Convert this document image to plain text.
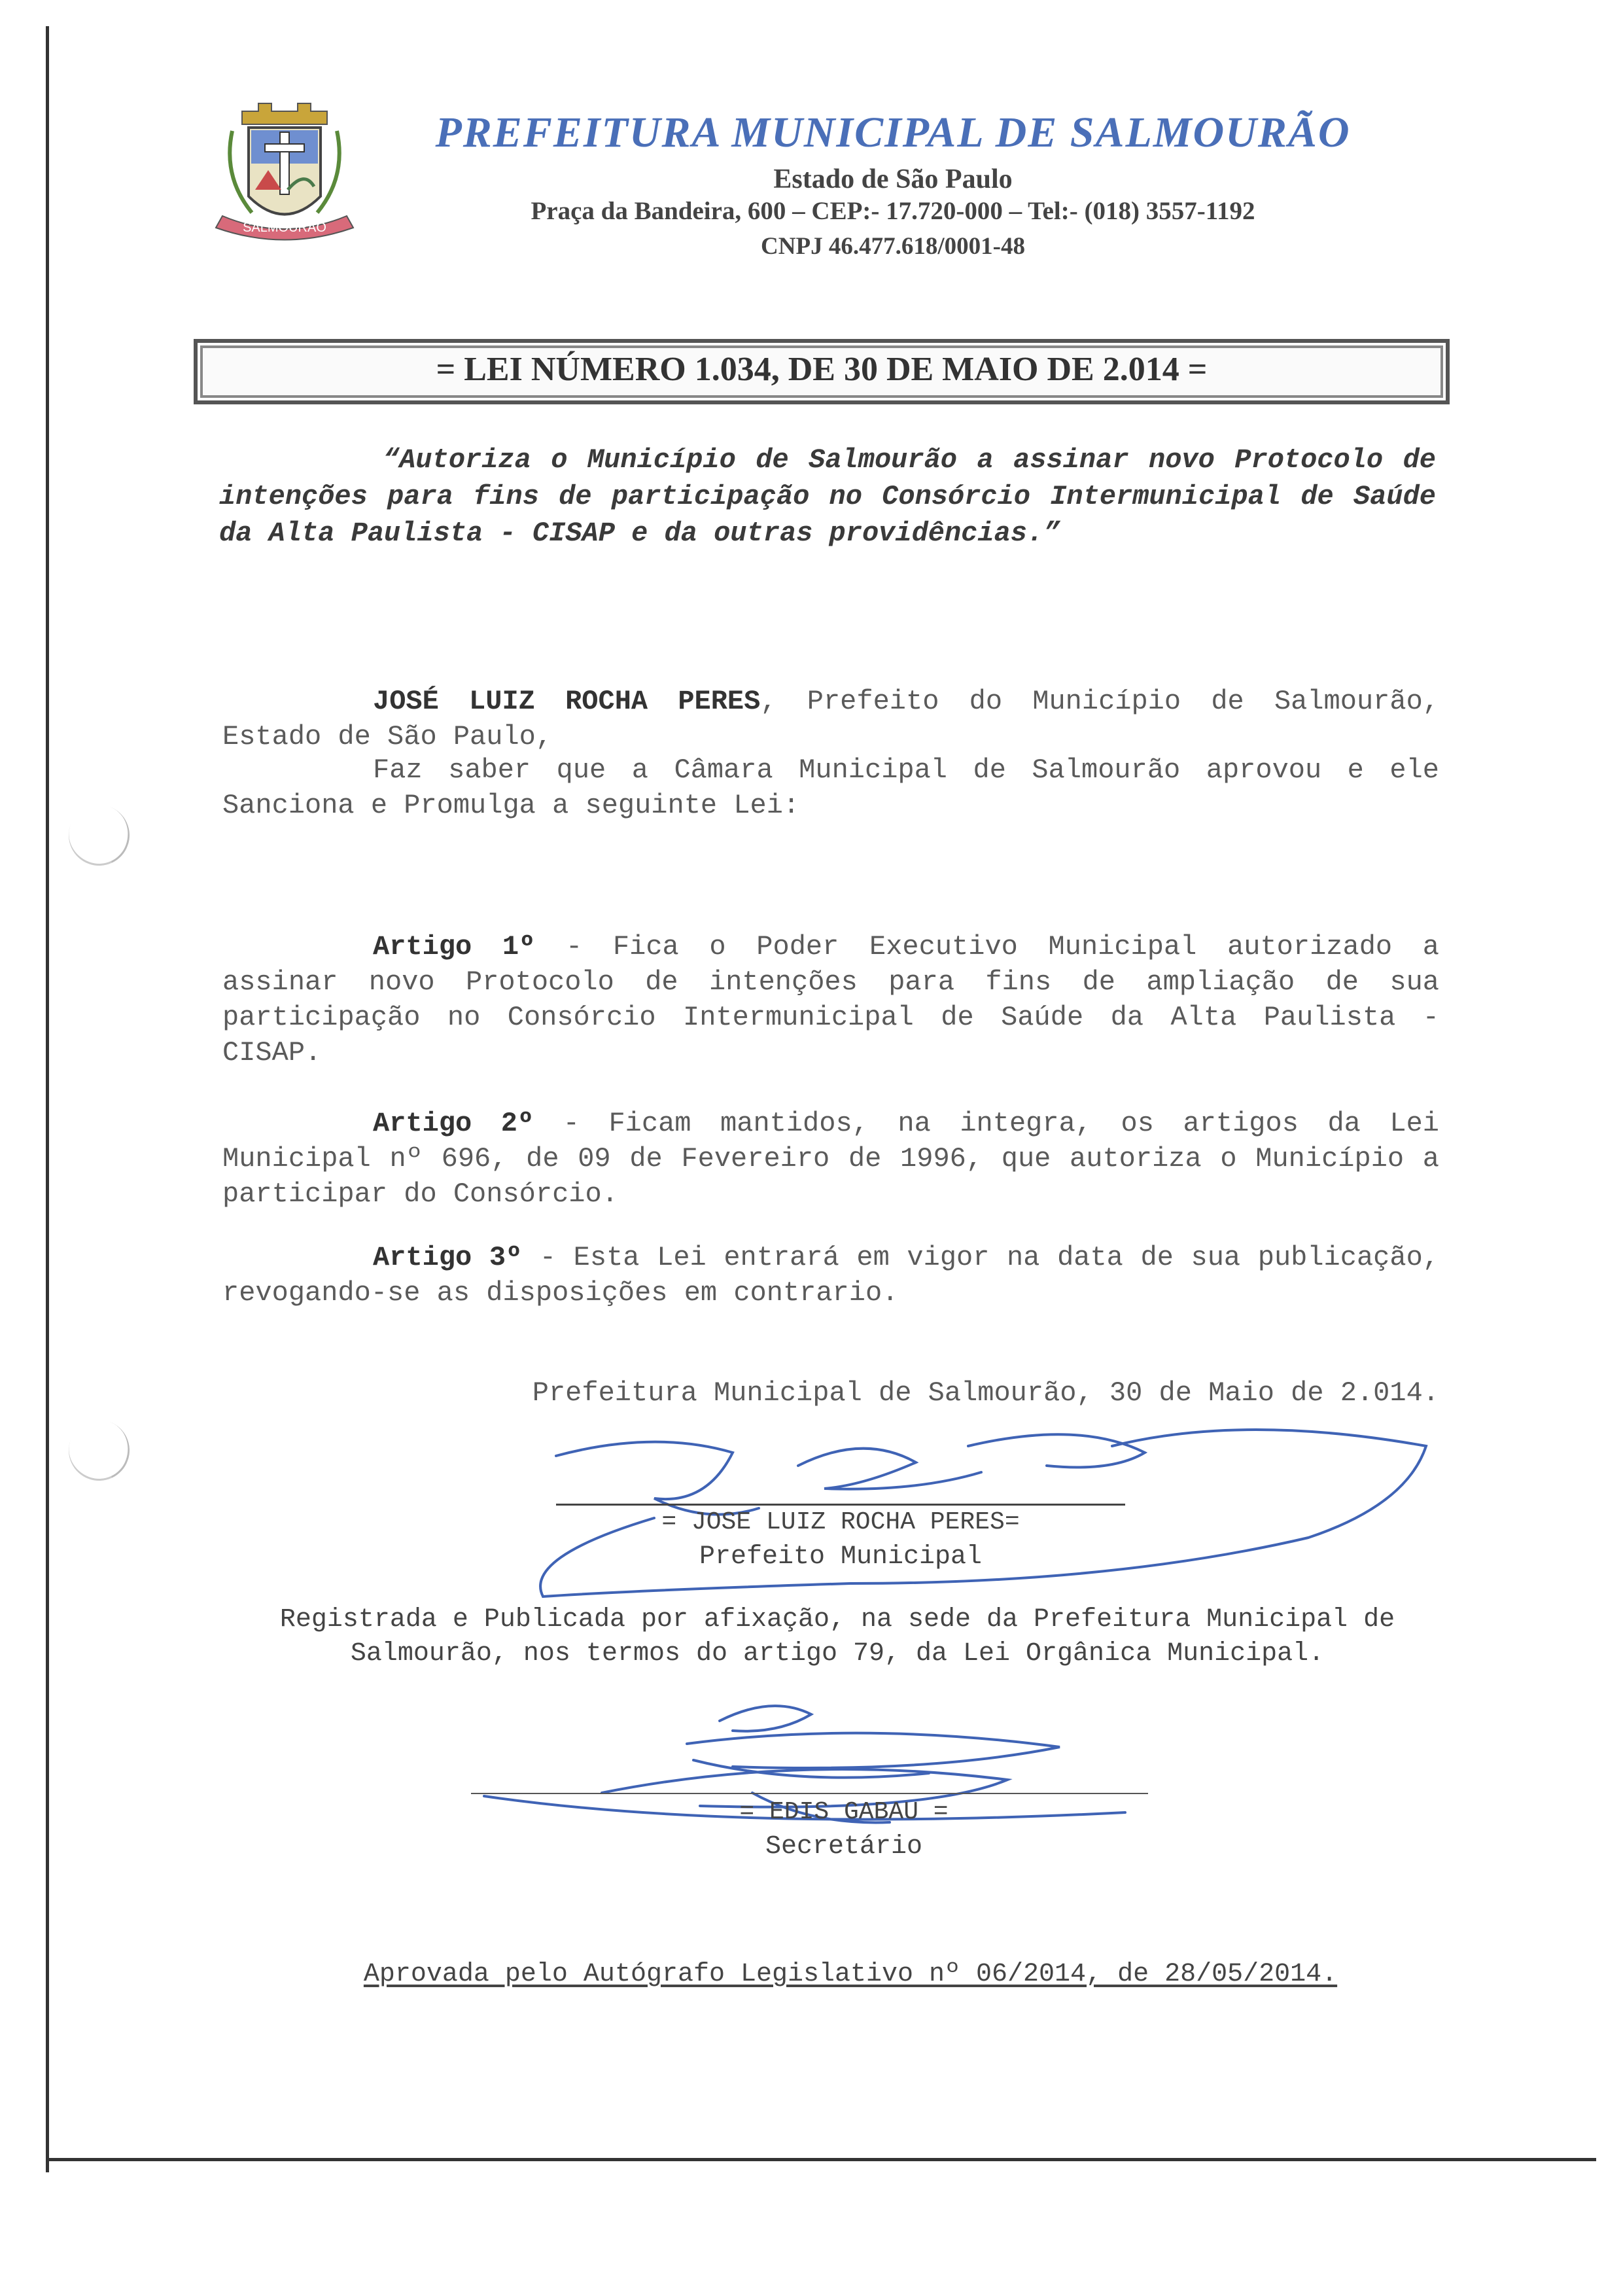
SALMOURÃO
PREFEITURA MUNICIPAL DE SALMOURÃO
Estado de São Paulo
Praça da Bandeira, 600 – CEP:- 17.720-000 – Tel:- (018) 3557-1192
CNPJ 46.477.618/0001-48
= LEI NÚMERO 1.034, DE 30 DE MAIO DE 2.014 =
“Autoriza o Município de Salmourão a assinar novo Protocolo de intenções para fins de participação no Consórcio Intermunicipal de Saúde da Alta Paulista - CISAP e da outras providências.”
JOSÉ LUIZ ROCHA PERES, Prefeito do Município de Salmourão, Estado de São Paulo,
Faz saber que a Câmara Municipal de Salmourão aprovou e ele Sanciona e Promulga a seguinte Lei:
Artigo 1º - Fica o Poder Executivo Municipal autorizado a assinar novo Protocolo de intenções para fins de ampliação de sua participação no Consórcio Intermunicipal de Saúde da Alta Paulista - CISAP.
Artigo 2º - Ficam mantidos, na integra, os artigos da Lei Municipal nº 696, de 09 de Fevereiro de 1996, que autoriza o Município a participar do Consórcio.
Artigo 3º - Esta Lei entrará em vigor na data de sua publicação, revogando-se as disposições em contrario.
Prefeitura Municipal de Salmourão, 30 de Maio de 2.014.
= JOSE LUIZ ROCHA PERES=
Prefeito Municipal
Registrada e Publicada por afixação, na sede da Prefeitura Municipal de Salmourão, nos termos do artigo 79, da Lei Orgânica Municipal.
= EDIS GABAU =
Secretário
Aprovada pelo Autógrafo Legislativo nº 06/2014, de 28/05/2014.
